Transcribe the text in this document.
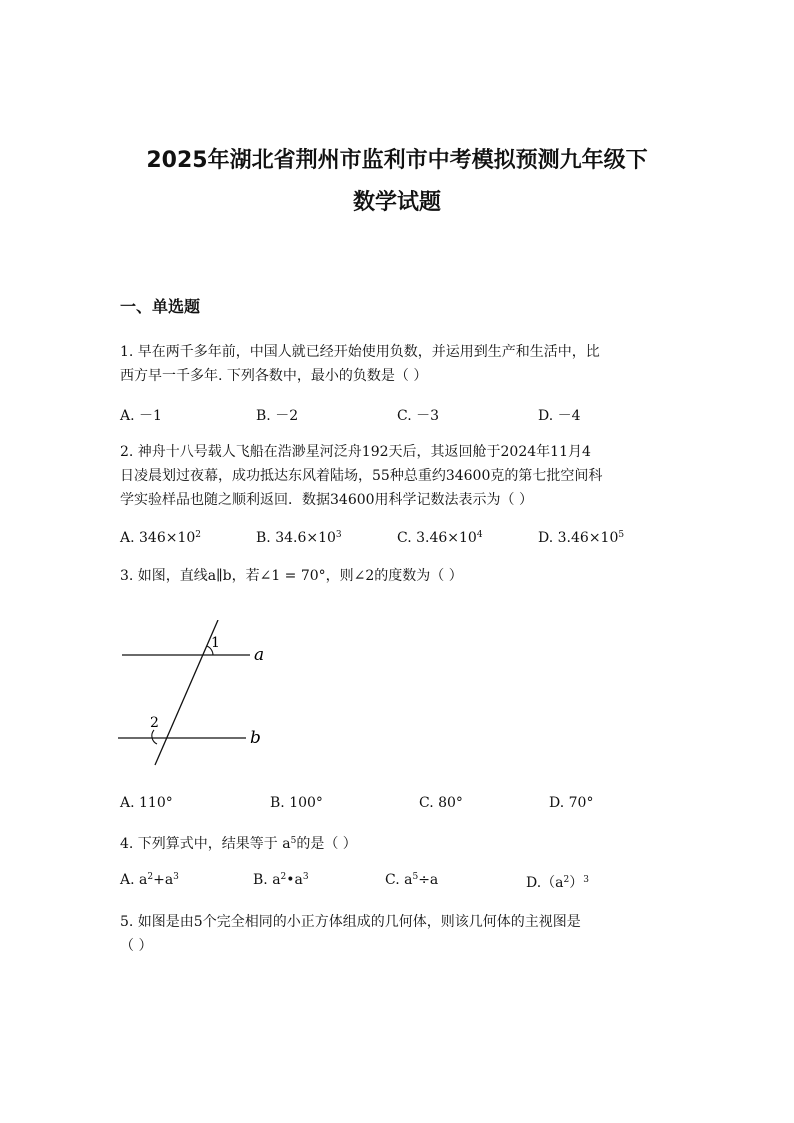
2025年湖北省荆州市监利市中考模拟预测九年级下
数学试题
一、单选题
1. 早在两千多年前，中国人就已经开始使用负数，并运用到生产和生活中，比
西方早一千多年. 下列各数中，最小的负数是（ ）
A. －1	B. －2	C. －3	D. －4
2. 神舟十八号载人飞船在浩渺星河泛舟192天后，其返回舱于2024年11月4
日凌晨划过夜幕，成功抵达东风着陆场，55种总重约34600克的第七批空间科
学实验样品也随之顺利返回．数据34600用科学记数法表示为（ ）
A. $346\times 10^2$	B. $34.6\times 10^3$	C. $3.46\times 10^4$	D. $3.46\times 10^5$
3. 如图，直线a∥b，若∠1 = 70°，则∠2的度数为（ ）
1
2
a
b
A. 110°	B. 100°	C. 80°	D. 70°
4. 下列算式中，结果等于 $a^5$的是（ ）
A. $a^2+a^3$	B. $a^2•a^3$	C. $a^5\div a$	$D.(a^2)^3$
5. 如图是由5个完全相同的小正方体组成的几何体，则该几何体的主视图是
（ ）
